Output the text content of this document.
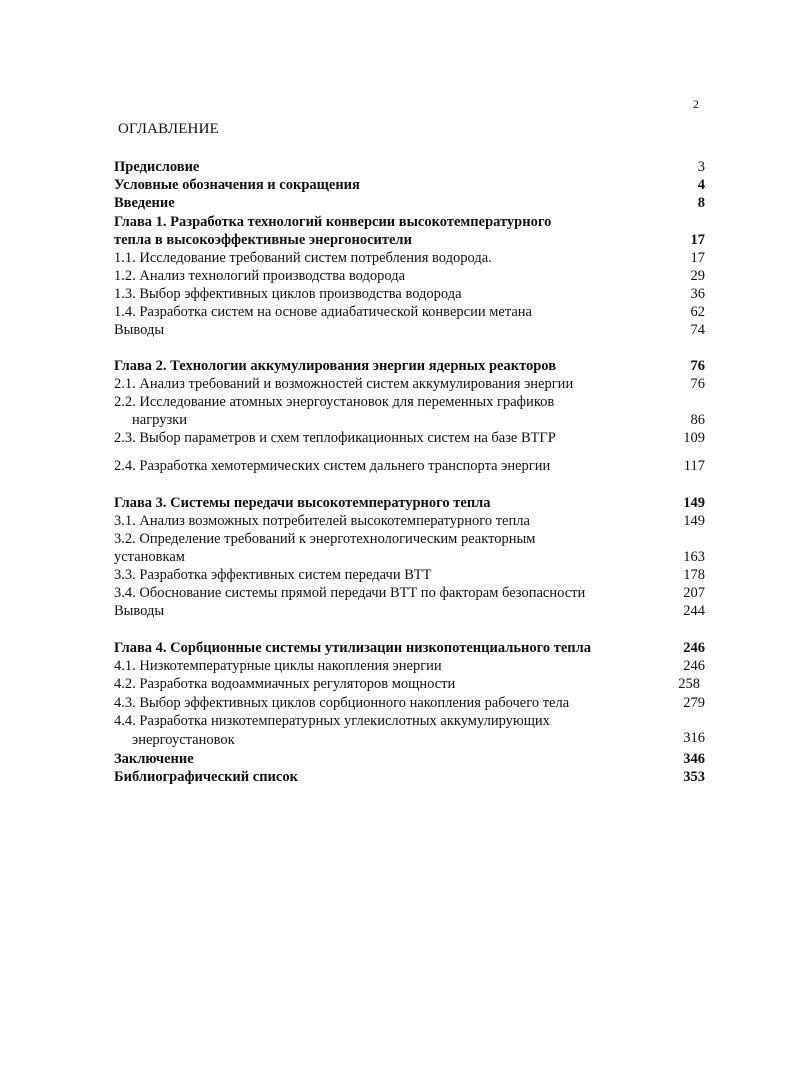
2
ОГЛАВЛЕНИЕ
Предисловие	3
Условные обозначения и сокращения	4
Введение	8
Глава 1. Разработка технологий конверсии высокотемпературного
тепла в высокоэффективные энергоносители	17
1.1. Исследование требований систем потребления водорода.	17
1.2. Анализ технологий производства водорода	29
1.3. Выбор эффективных циклов производства водорода	36
1.4. Разработка систем на основе адиабатической конверсии метана	62
Выводы	74
Глава 2. Технологии аккумулирования энергии ядерных реакторов	76
2.1. Анализ требований и возможностей систем аккумулирования энергии	76
2.2. Исследование атомных энергоустановок для переменных графиков
нагрузки	86
2.3. Выбор параметров и схем теплофикационных систем на базе ВТГР	109
2.4. Разработка хемотермических систем дальнего транспорта энергии	117
Глава 3. Системы передачи высокотемпературного тепла	149
3.1. Анализ возможных потребителей высокотемпературного тепла	149
3.2. Определение требований к энерготехнологическим реакторным
установкам	163
3.3. Разработка эффективных систем передачи ВТТ	178
3.4. Обоснование системы прямой передачи ВТТ по факторам безопасности	207
Выводы	244
Глава 4. Сорбционные системы утилизации низкопотенциального тепла	246
4.1. Низкотемпературные циклы накопления энергии	246
4.2. Разработка водоаммиачных регуляторов мощности	258
4.3. Выбор эффективных циклов сорбционного накопления рабочего тела	279
4.4. Разработка низкотемпературных углекислотных аккумулирующих
энергоустановок	316
Заключение	346
Библиографический список	353
